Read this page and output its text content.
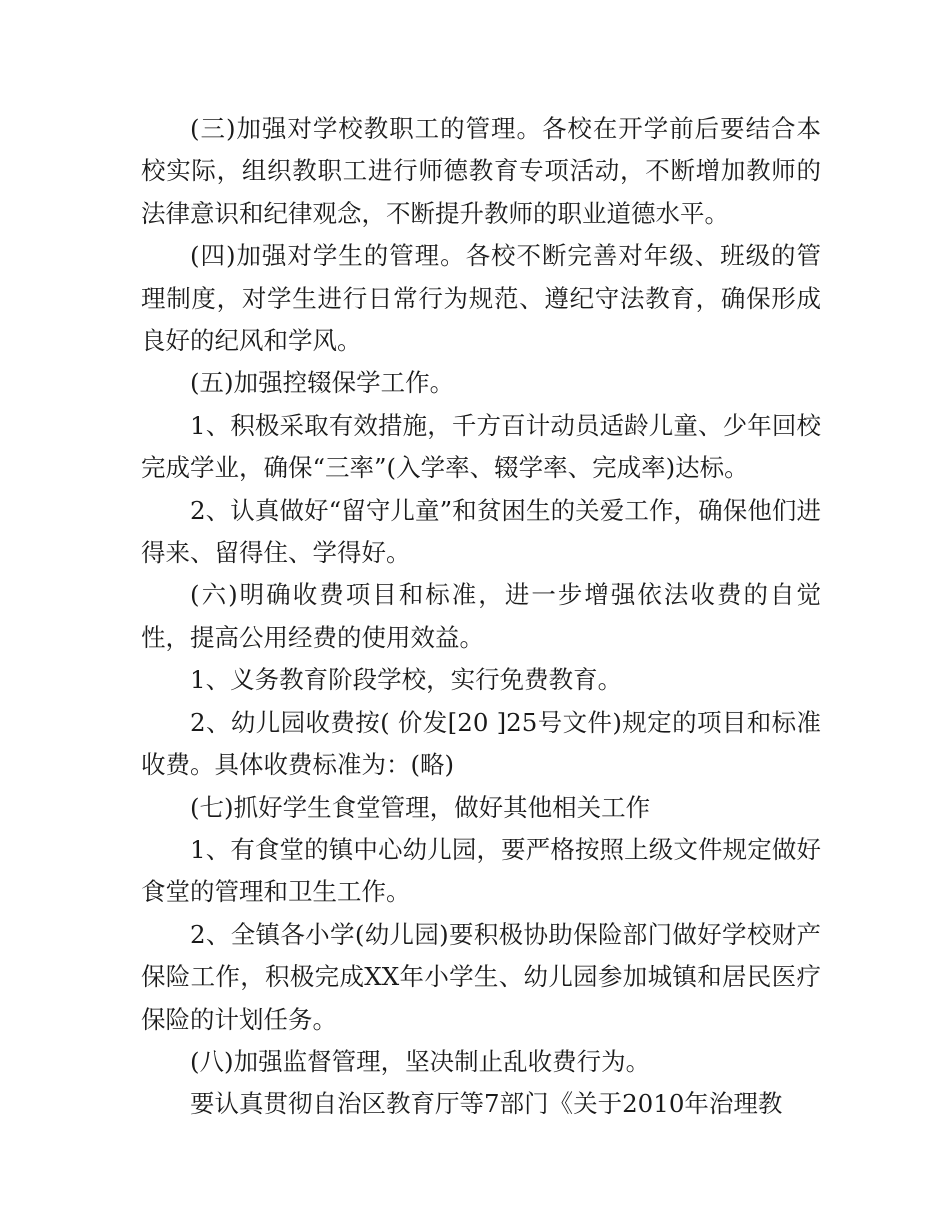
(三)加强对学校教职工的管理。各校在开学前后要结合本校实际，组织教职工进行师德教育专项活动，不断增加教师的法律意识和纪律观念，不断提升教师的职业道德水平。

(四)加强对学生的管理。各校不断完善对年级、班级的管理制度，对学生进行日常行为规范、遵纪守法教育，确保形成良好的纪风和学风。

(五)加强控辍保学工作。

1、积极采取有效措施，千方百计动员适龄儿童、少年回校完成学业，确保“三率”(入学率、辍学率、完成率)达标。

2、认真做好“留守儿童”和贫困生的关爱工作，确保他们进得来、留得住、学得好。

(六)明确收费项目和标准，进一步增强依法收费的自觉性，提高公用经费的使用效益。

1、义务教育阶段学校，实行免费教育。

2、幼儿园收费按( 价发[20 ]25号文件)规定的项目和标准收费。具体收费标准为：(略)

(七)抓好学生食堂管理，做好其他相关工作

1、有食堂的镇中心幼儿园，要严格按照上级文件规定做好食堂的管理和卫生工作。

2、全镇各小学(幼儿园)要积极协助保险部门做好学校财产保险工作，积极完成XX年小学生、幼儿园参加城镇和居民医疗保险的计划任务。

(八)加强监督管理，坚决制止乱收费行为。

要认真贯彻自治区教育厅等7部门《关于2010年治理教
